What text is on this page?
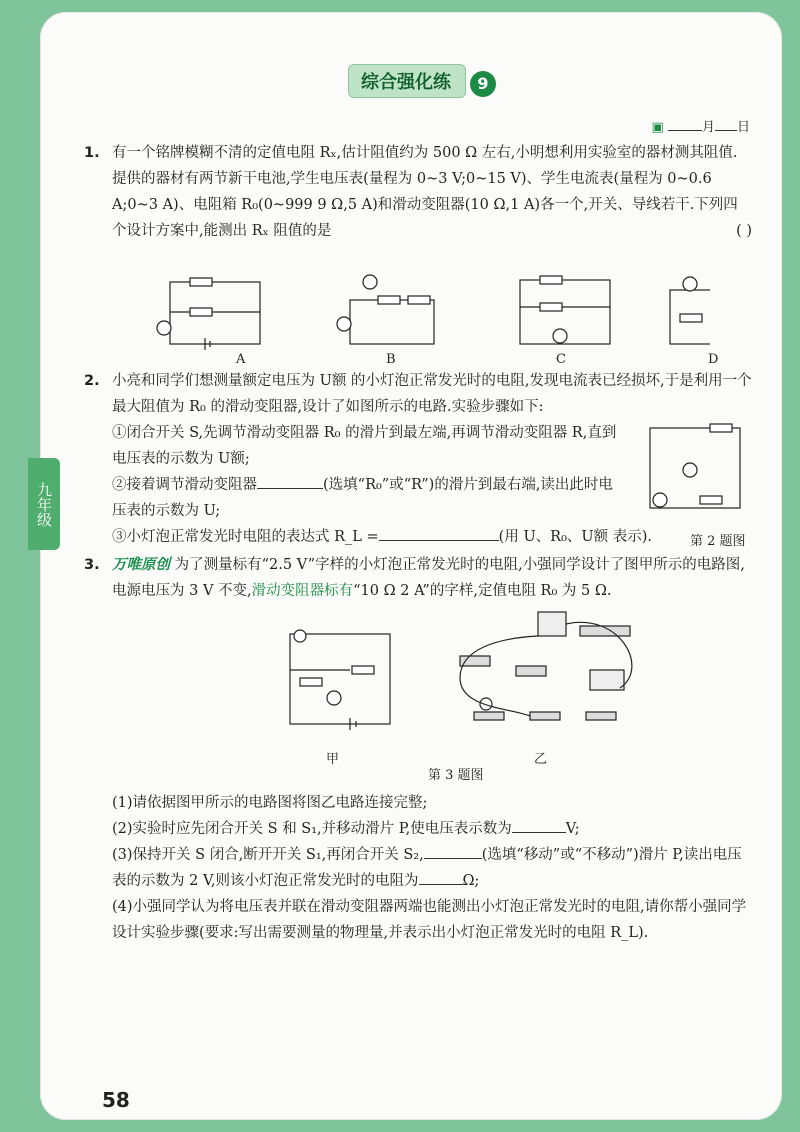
综合强化练 9
▣	月 日
1. 有一个铭牌模糊不清的定值电阻 Rₓ,估计阻值约为 500 Ω 左右,小明想利用实验室的器材测其阻值.提供的器材有两节新干电池,学生电压表(量程为 0~3 V;0~15 V)、学生电流表(量程为 0~0.6 A;0~3 A)、电阻箱 R₀(0~999 9 Ω,5 A)和滑动变阻器(10 Ω,1 A)各一个,开关、导线若干.下列四个设计方案中,能测出 Rₓ 阻值的是	( )
A	B	C	D
2. 小亮和同学们想测量额定电压为 U额 的小灯泡正常发光时的电阻,发现电流表已经损坏,于是利用一个最大阻值为 R₀ 的滑动变阻器,设计了如图所示的电路.实验步骤如下:
①闭合开关 S,先调节滑动变阻器 R₀ 的滑片到最左端,再调节滑动变阻器 R,直到电压表的示数为 U额;
②接着调节滑动变阻器	(选填“R₀”或“R”)的滑片到最右端,读出此时电压表的示数为 U;
③小灯泡正常发光时电阻的表达式 R_L =	(用 U、R₀、U额 表示).	第 2 题图
3. 万唯原创 为了测量标有“2.5 V”字样的小灯泡正常发光时的电阻,小强同学设计了图甲所示的电路图,电源电压为 3 V 不变,滑动变阻器标有“10 Ω 2 A”的字样,定值电阻 R₀ 为 5 Ω.
甲	乙
第 3 题图
(1)请依据图甲所示的电路图将图乙电路连接完整;
(2)实验时应先闭合开关 S 和 S₁,并移动滑片 P,使电压表示数为	V;
(3)保持开关 S 闭合,断开开关 S₁,再闭合开关 S₂,	(选填“移动”或“不移动”)滑片 P,读出电压表的示数为 2 V,则该小灯泡正常发光时的电阻为	Ω;
(4)小强同学认为将电压表并联在滑动变阻器两端也能测出小灯泡正常发光时的电阻,请你帮小强同学设计实验步骤(要求:写出需要测量的物理量,并表示出小灯泡正常发光时的电阻 R_L).
58
九年级
